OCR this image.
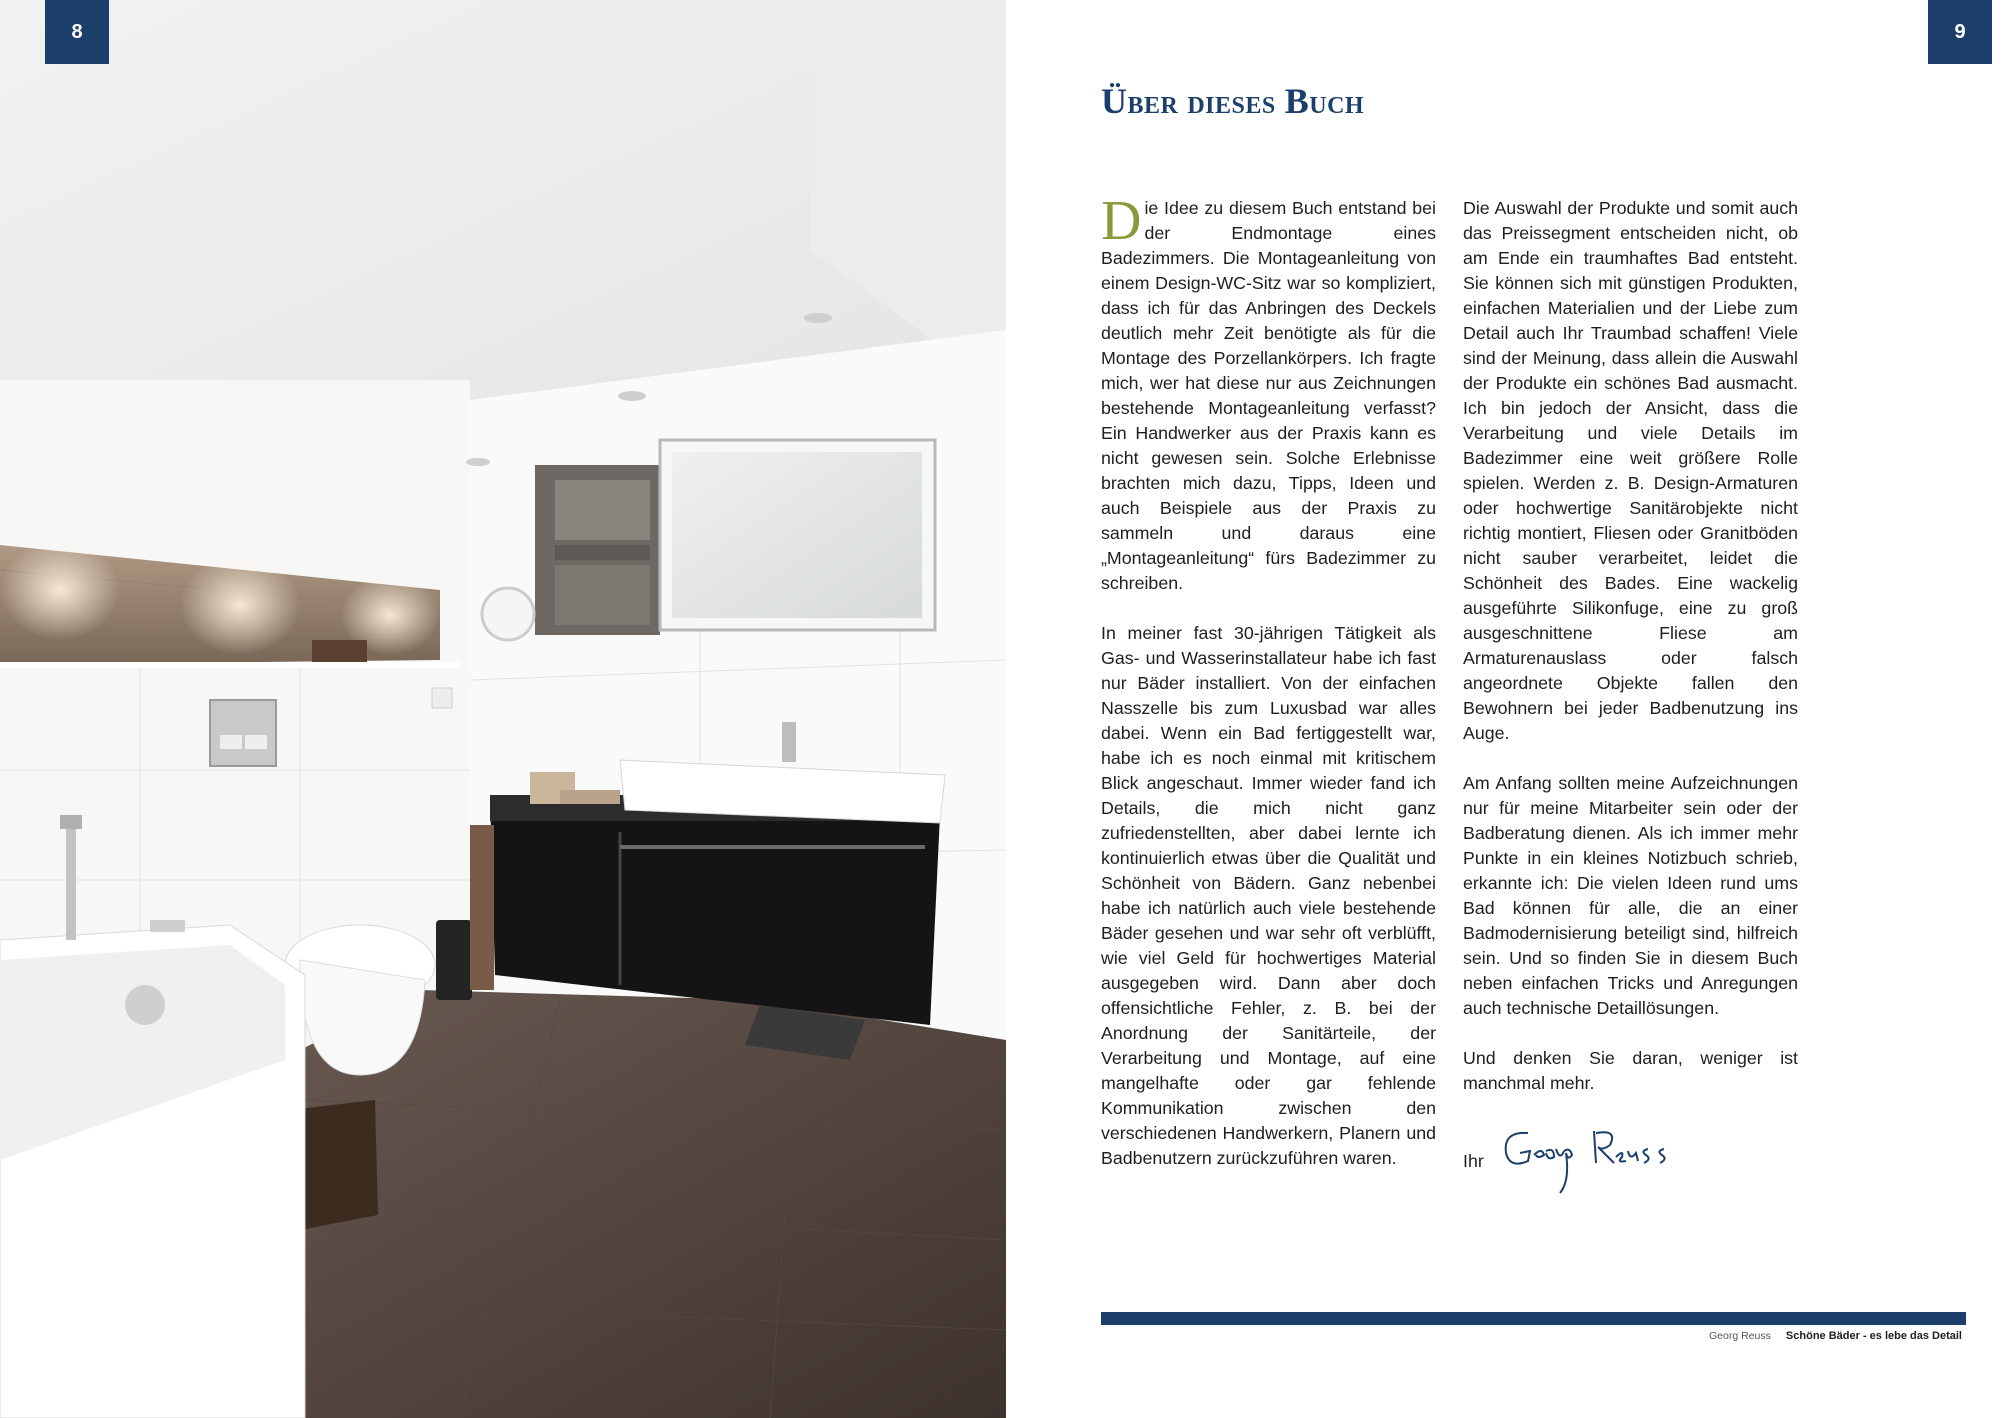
8	9
Über dieses Buch

Die Idee zu diesem Buch entstand bei der Endmontage eines Badezimmers. Die Montageanleitung von einem Design-WC-Sitz war so kompliziert, dass ich für das Anbringen des Deckels deutlich mehr Zeit benötigte als für die Montage des Porzellankörpers. Ich fragte mich, wer hat diese nur aus Zeichnungen bestehende Montageanleitung verfasst? Ein Handwerker aus der Praxis kann es nicht gewesen sein. Solche Erlebnisse brachten mich dazu, Tipps, Ideen und auch Beispiele aus der Praxis zu sammeln und daraus eine „Montageanleitung“ fürs Badezimmer zu schreiben.

In meiner fast 30-jährigen Tätigkeit als Gas- und Wasserinstallateur habe ich fast nur Bäder installiert. Von der einfachen Nasszelle bis zum Luxusbad war alles dabei. Wenn ein Bad fertiggestellt war, habe ich es noch einmal mit kritischem Blick angeschaut. Immer wieder fand ich Details, die mich nicht ganz zufriedenstellten, aber dabei lernte ich kontinuierlich etwas über die Qualität und Schönheit von Bädern. Ganz nebenbei habe ich natürlich auch viele bestehende Bäder gesehen und war sehr oft verblüfft, wie viel Geld für hochwertiges Material ausgegeben wird. Dann aber doch offensichtliche Fehler, z. B. bei der Anordnung der Sanitärteile, der Verarbeitung und Montage, auf eine mangelhafte oder gar fehlende Kommunikation zwischen den verschiedenen Handwerkern, Planern und Badbenutzern zurückzuführen waren.

Die Auswahl der Produkte und somit auch das Preissegment entscheiden nicht, ob am Ende ein traumhaftes Bad entsteht. Sie können sich mit günstigen Produkten, einfachen Materialien und der Liebe zum Detail auch Ihr Traumbad schaffen! Viele sind der Meinung, dass allein die Auswahl der Produkte ein schönes Bad ausmacht. Ich bin jedoch der Ansicht, dass die Verarbeitung und viele Details im Badezimmer eine weit größere Rolle spielen. Werden z. B. Design-Armaturen oder hochwertige Sanitärobjekte nicht richtig montiert, Fliesen oder Granitböden nicht sauber verarbeitet, leidet die Schönheit des Bades. Eine wackelig ausgeführte Silikonfuge, eine zu groß ausgeschnittene Fliese am Armaturenauslass oder falsch angeordnete Objekte fallen den Bewohnern bei jeder Badbenutzung ins Auge.

Am Anfang sollten meine Aufzeichnungen nur für meine Mitarbeiter sein oder der Badberatung dienen. Als ich immer mehr Punkte in ein kleines Notizbuch schrieb, erkannte ich: Die vielen Ideen rund ums Bad können für alle, die an einer Badmodernisierung beteiligt sind, hilfreich sein. Und so finden Sie in diesem Buch neben einfachen Tricks und Anregungen auch technische Detaillösungen.

Und denken Sie daran, weniger ist manchmal mehr.

Ihr
Georg Reuss Schöne Bäder - es lebe das Detail
